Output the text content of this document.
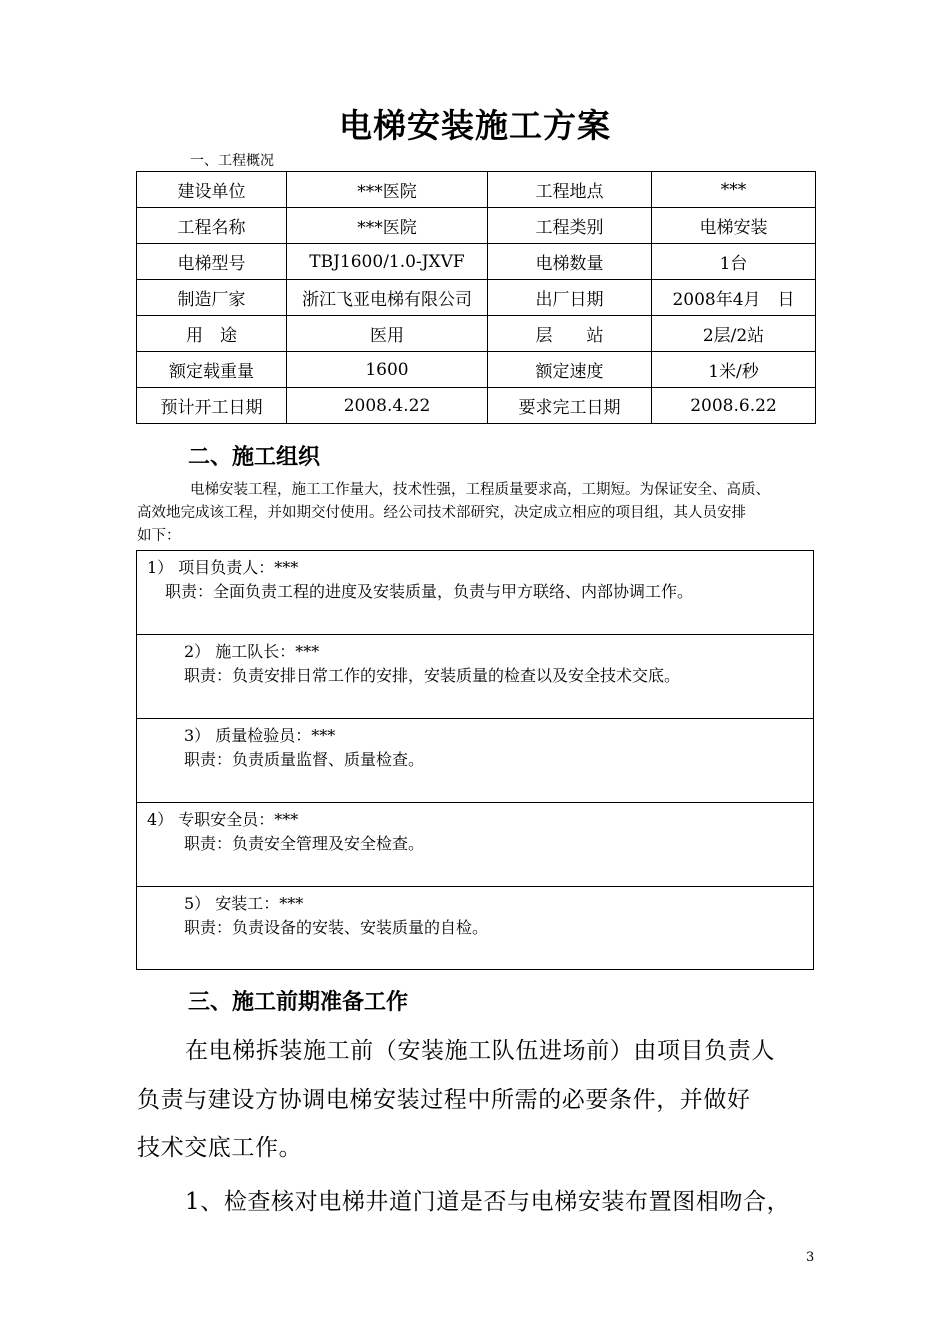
电梯安装施工方案
一、工程概况
建设单位	***医院	工程地点	***
工程名称	***医院	工程类别	电梯安装
电梯型号	TBJ1600/1.0-JXVF	电梯数量	1台
制造厂家	浙江飞亚电梯有限公司	出厂日期	2008年4月　日
用　途	医用	层　　站	2层/2站
额定载重量	1600	额定速度	1米/秒
预计开工日期	2008.4.22	要求完工日期	2008.6.22
二、施工组织
电梯安装工程，施工工作量大，技术性强，工程质量要求高，工期短。为保证安全、高质、
高效地完成该工程，并如期交付使用。经公司技术部研究，决定成立相应的项目组，其人员安排
如下：
1） 项目负责人：***
职责：全面负责工程的进度及安装质量，负责与甲方联络、内部协调工作。
2） 施工队长：***
职责：负责安排日常工作的安排，安装质量的检查以及安全技术交底。
3） 质量检验员：***
职责：负责质量监督、质量检查。
4） 专职安全员：***
职责：负责安全管理及安全检查。
5） 安装工：***
职责：负责设备的安装、安装质量的自检。
三、施工前期准备工作
在电梯拆装施工前（安装施工队伍进场前）由项目负责人
负责与建设方协调电梯安装过程中所需的必要条件，并做好
技术交底工作。
1、检查核对电梯井道门道是否与电梯安装布置图相吻合，
3
